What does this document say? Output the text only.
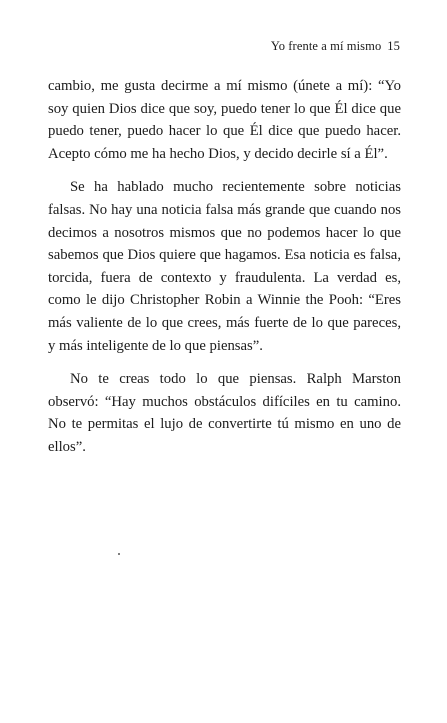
Yo frente a mí mismo 15

cambio, me gusta decirme a mí mismo (únete a mí): “Yo soy quien Dios dice que soy, puedo tener lo que Él dice que puedo tener, puedo hacer lo que Él dice que puedo hacer. Acepto cómo me ha hecho Dios, y decido decirle sí a Él”.

Se ha hablado mucho recientemente sobre noticias falsas. No hay una noticia falsa más grande que cuando nos decimos a nosotros mismos que no podemos hacer lo que sabemos que Dios quiere que hagamos. Esa noticia es falsa, torcida, fuera de contexto y fraudulenta. La verdad es, como le dijo Christopher Robin a Winnie the Pooh: “Eres más valiente de lo que crees, más fuerte de lo que pareces, y más inteligente de lo que piensas”.

No te creas todo lo que piensas. Ralph Marston observó: “Hay muchos obstáculos difíciles en tu camino. No te permitas el lujo de convertirte tú mismo en uno de ellos”.
